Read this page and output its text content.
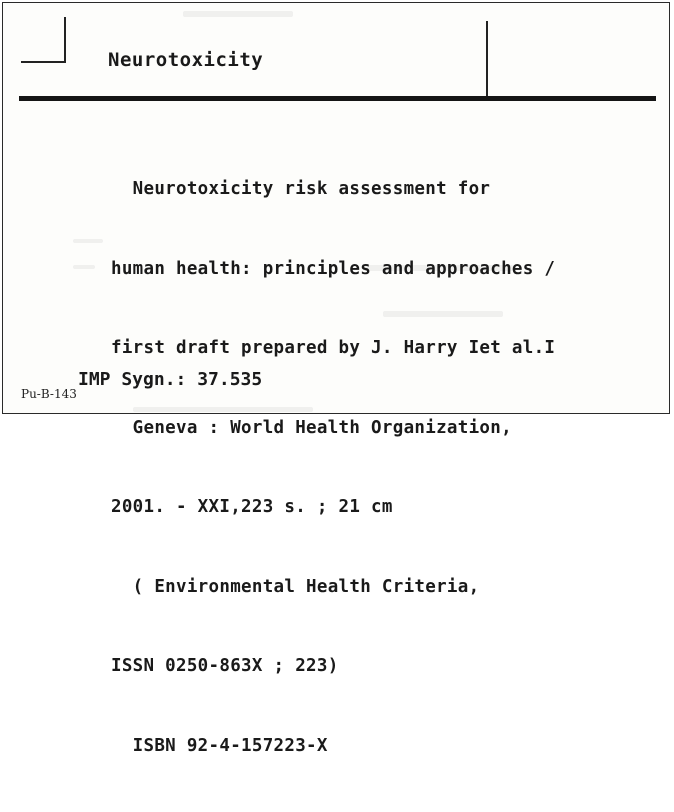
Neurotoxicity

Neurotoxicity risk assessment for

human health: principles and approaches /

first draft prepared by J. Harry Iet al.I

Geneva : World Health Organization,

2001. - XXI,223 s. ; 21 cm

( Environmental Health Criteria,

ISSN 0250-863X ; 223)

ISBN 92-4-157223-X

IMP Sygn.: 37.535
Pu-B-143
